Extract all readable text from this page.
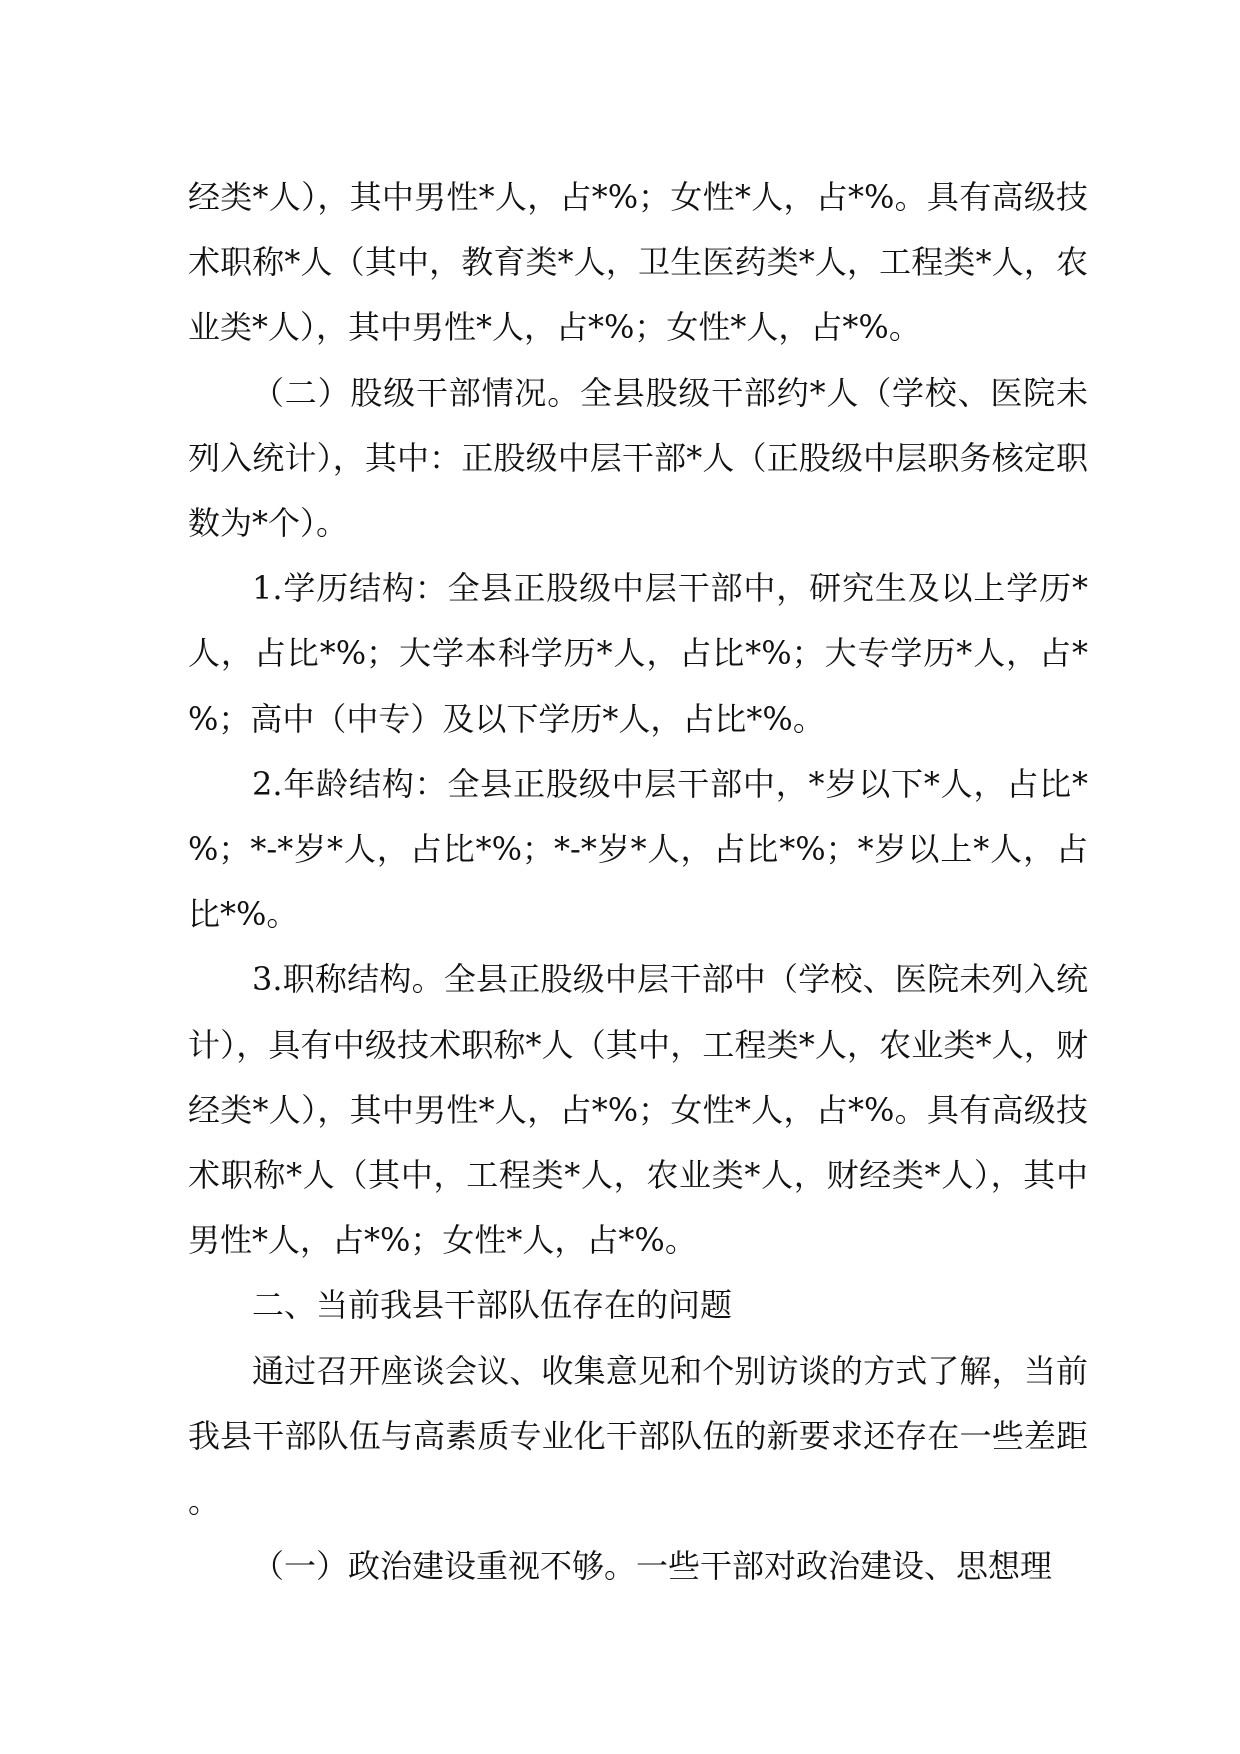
经类*人），其中男性*人，占*%；女性*人，占*%。具有高级技术职称*人（其中，教育类*人，卫生医药类*人，工程类*人，农业类*人），其中男性*人，占*%；女性*人，占*%。

（二）股级干部情况。全县股级干部约*人（学校、医院未列入统计），其中：正股级中层干部*人（正股级中层职务核定职数为*个）。

1.学历结构：全县正股级中层干部中，研究生及以上学历*人，占比*%；大学本科学历*人，占比*%；大专学历*人，占*%；高中（中专）及以下学历*人，占比*%。

2.年龄结构：全县正股级中层干部中，*岁以下*人，占比*%；*-*岁*人，占比*%；*-*岁*人，占比*%；*岁以上*人，占比*%。

3.职称结构。全县正股级中层干部中（学校、医院未列入统计），具有中级技术职称*人（其中，工程类*人，农业类*人，财经类*人），其中男性*人，占*%；女性*人，占*%。具有高级技术职称*人（其中，工程类*人，农业类*人，财经类*人），其中男性*人，占*%；女性*人，占*%。

二、当前我县干部队伍存在的问题

通过召开座谈会议、收集意见和个别访谈的方式了解，当前我县干部队伍与高素质专业化干部队伍的新要求还存在一些差距。

（一）政治建设重视不够。一些干部对政治建设、思想理
